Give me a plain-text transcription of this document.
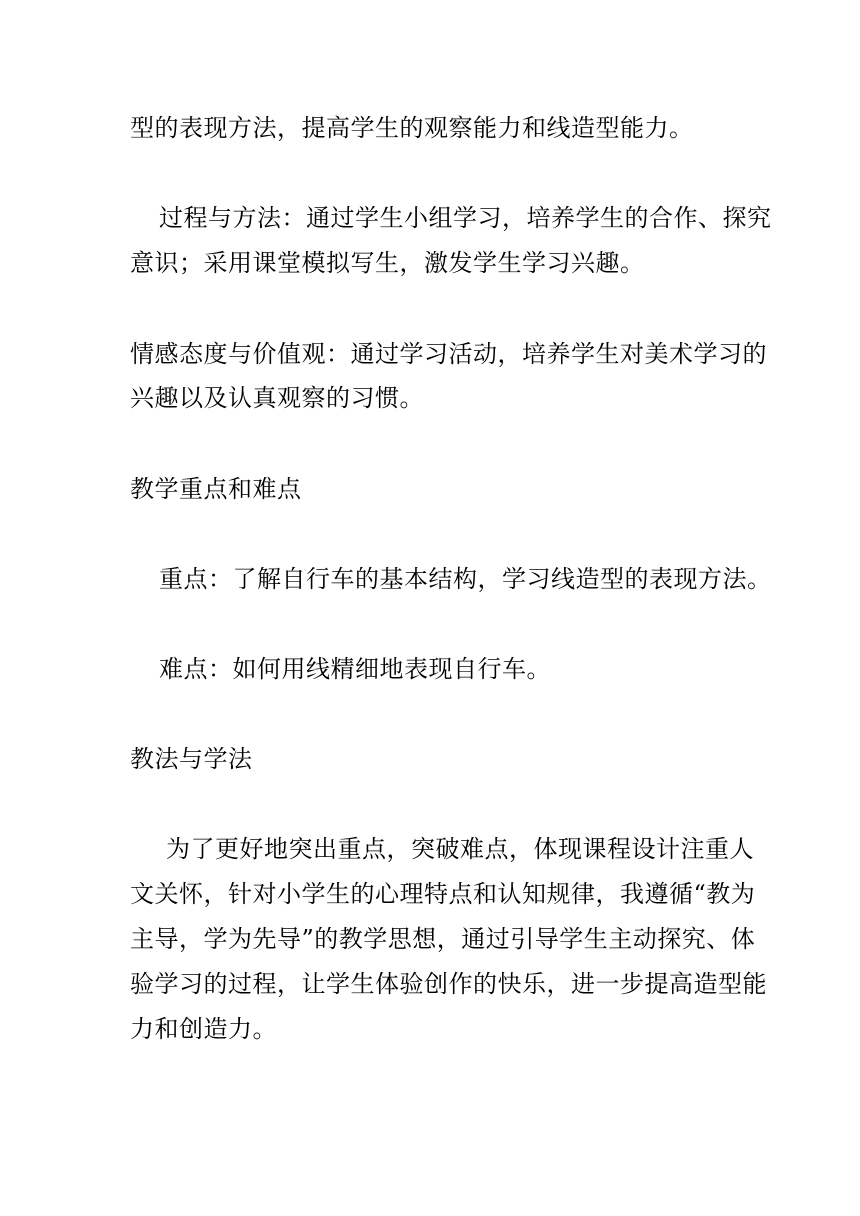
型的表现方法，提高学生的观察能力和线造型能力。
过程与方法：通过学生小组学习，培养学生的合作、探究
意识；采用课堂模拟写生，激发学生学习兴趣。
情感态度与价值观：通过学习活动，培养学生对美术学习的
兴趣以及认真观察的习惯。
教学重点和难点
重点：了解自行车的基本结构，学习线造型的表现方法。
难点：如何用线精细地表现自行车。
教法与学法
为了更好地突出重点，突破难点，体现课程设计注重人
文关怀，针对小学生的心理特点和认知规律，我遵循“教为
主导，学为先导”的教学思想，通过引导学生主动探究、体
验学习的过程，让学生体验创作的快乐，进一步提高造型能
力和创造力。
